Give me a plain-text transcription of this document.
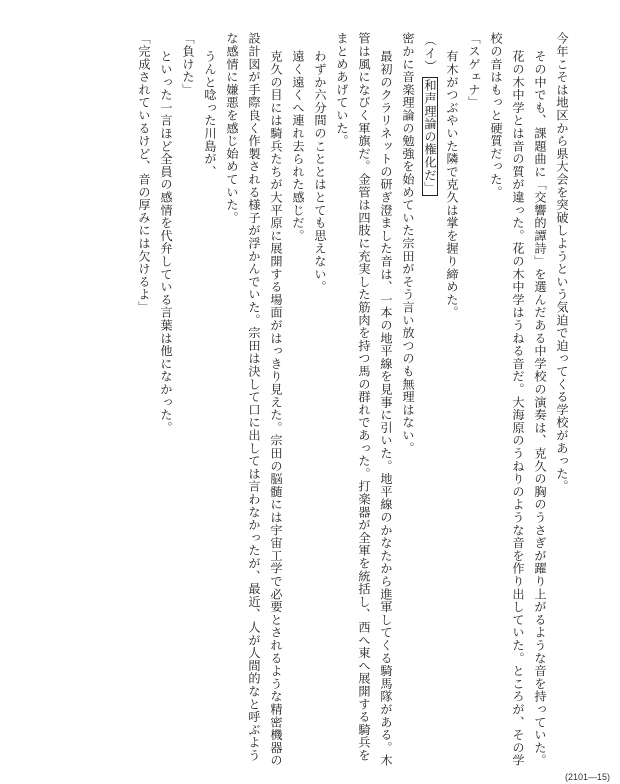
今年こそは地区から県大会を突破しようという気迫で迫ってくる学校があった。
その中でも、課題曲に「交響的譚詩」を選んだある中学校の演奏は、克久の胸のうさぎが躍り上がるような音を持っていた。
花の木中学とは音の質が違った。花の木中学はうねる音だ。大海原のうねりのような音を作り出していた。ところが、その学
校の音はもっと硬質だった。
「スゲェナ」
有木がつぶやいた隣で克久は掌を握り締めた。
（イ） 和声理論の権化だ」
密かに音楽理論の勉強を始めていた宗田がそう言い放つのも無理はない。
最初のクラリネットの研ぎ澄ました音は、一本の地平線を見事に引いた。地平線のかなたから進軍してくる騎馬隊がある。木
管は風になびく軍旗だ。金管は四肢に充実した筋肉を持つ馬の群れであった。打楽器が全軍を統括し、西へ東へ展開する騎兵を
まとめあげていた。
わずか六分間のこととはとても思えない。
遠く遠くへ連れ去られた感じだ。
克久の目には騎兵たちが大平原に展開する場面がはっきり見えた。宗田の脳髄には宇宙工学で必要とされるような精密機器の
設計図が手際良く作製される様子が浮かんでいた。宗田は決して口に出しては言わなかったが、最近、人が人間的なと呼ぶよう
な感情に嫌悪を感じ始めていた。
うんと唸った川島が、
「負けた」
といった一言ほど全員の感情を代弁している言葉は他になかった。
「完成されているけど、音の厚みには欠けるよ」
(2101―15)
